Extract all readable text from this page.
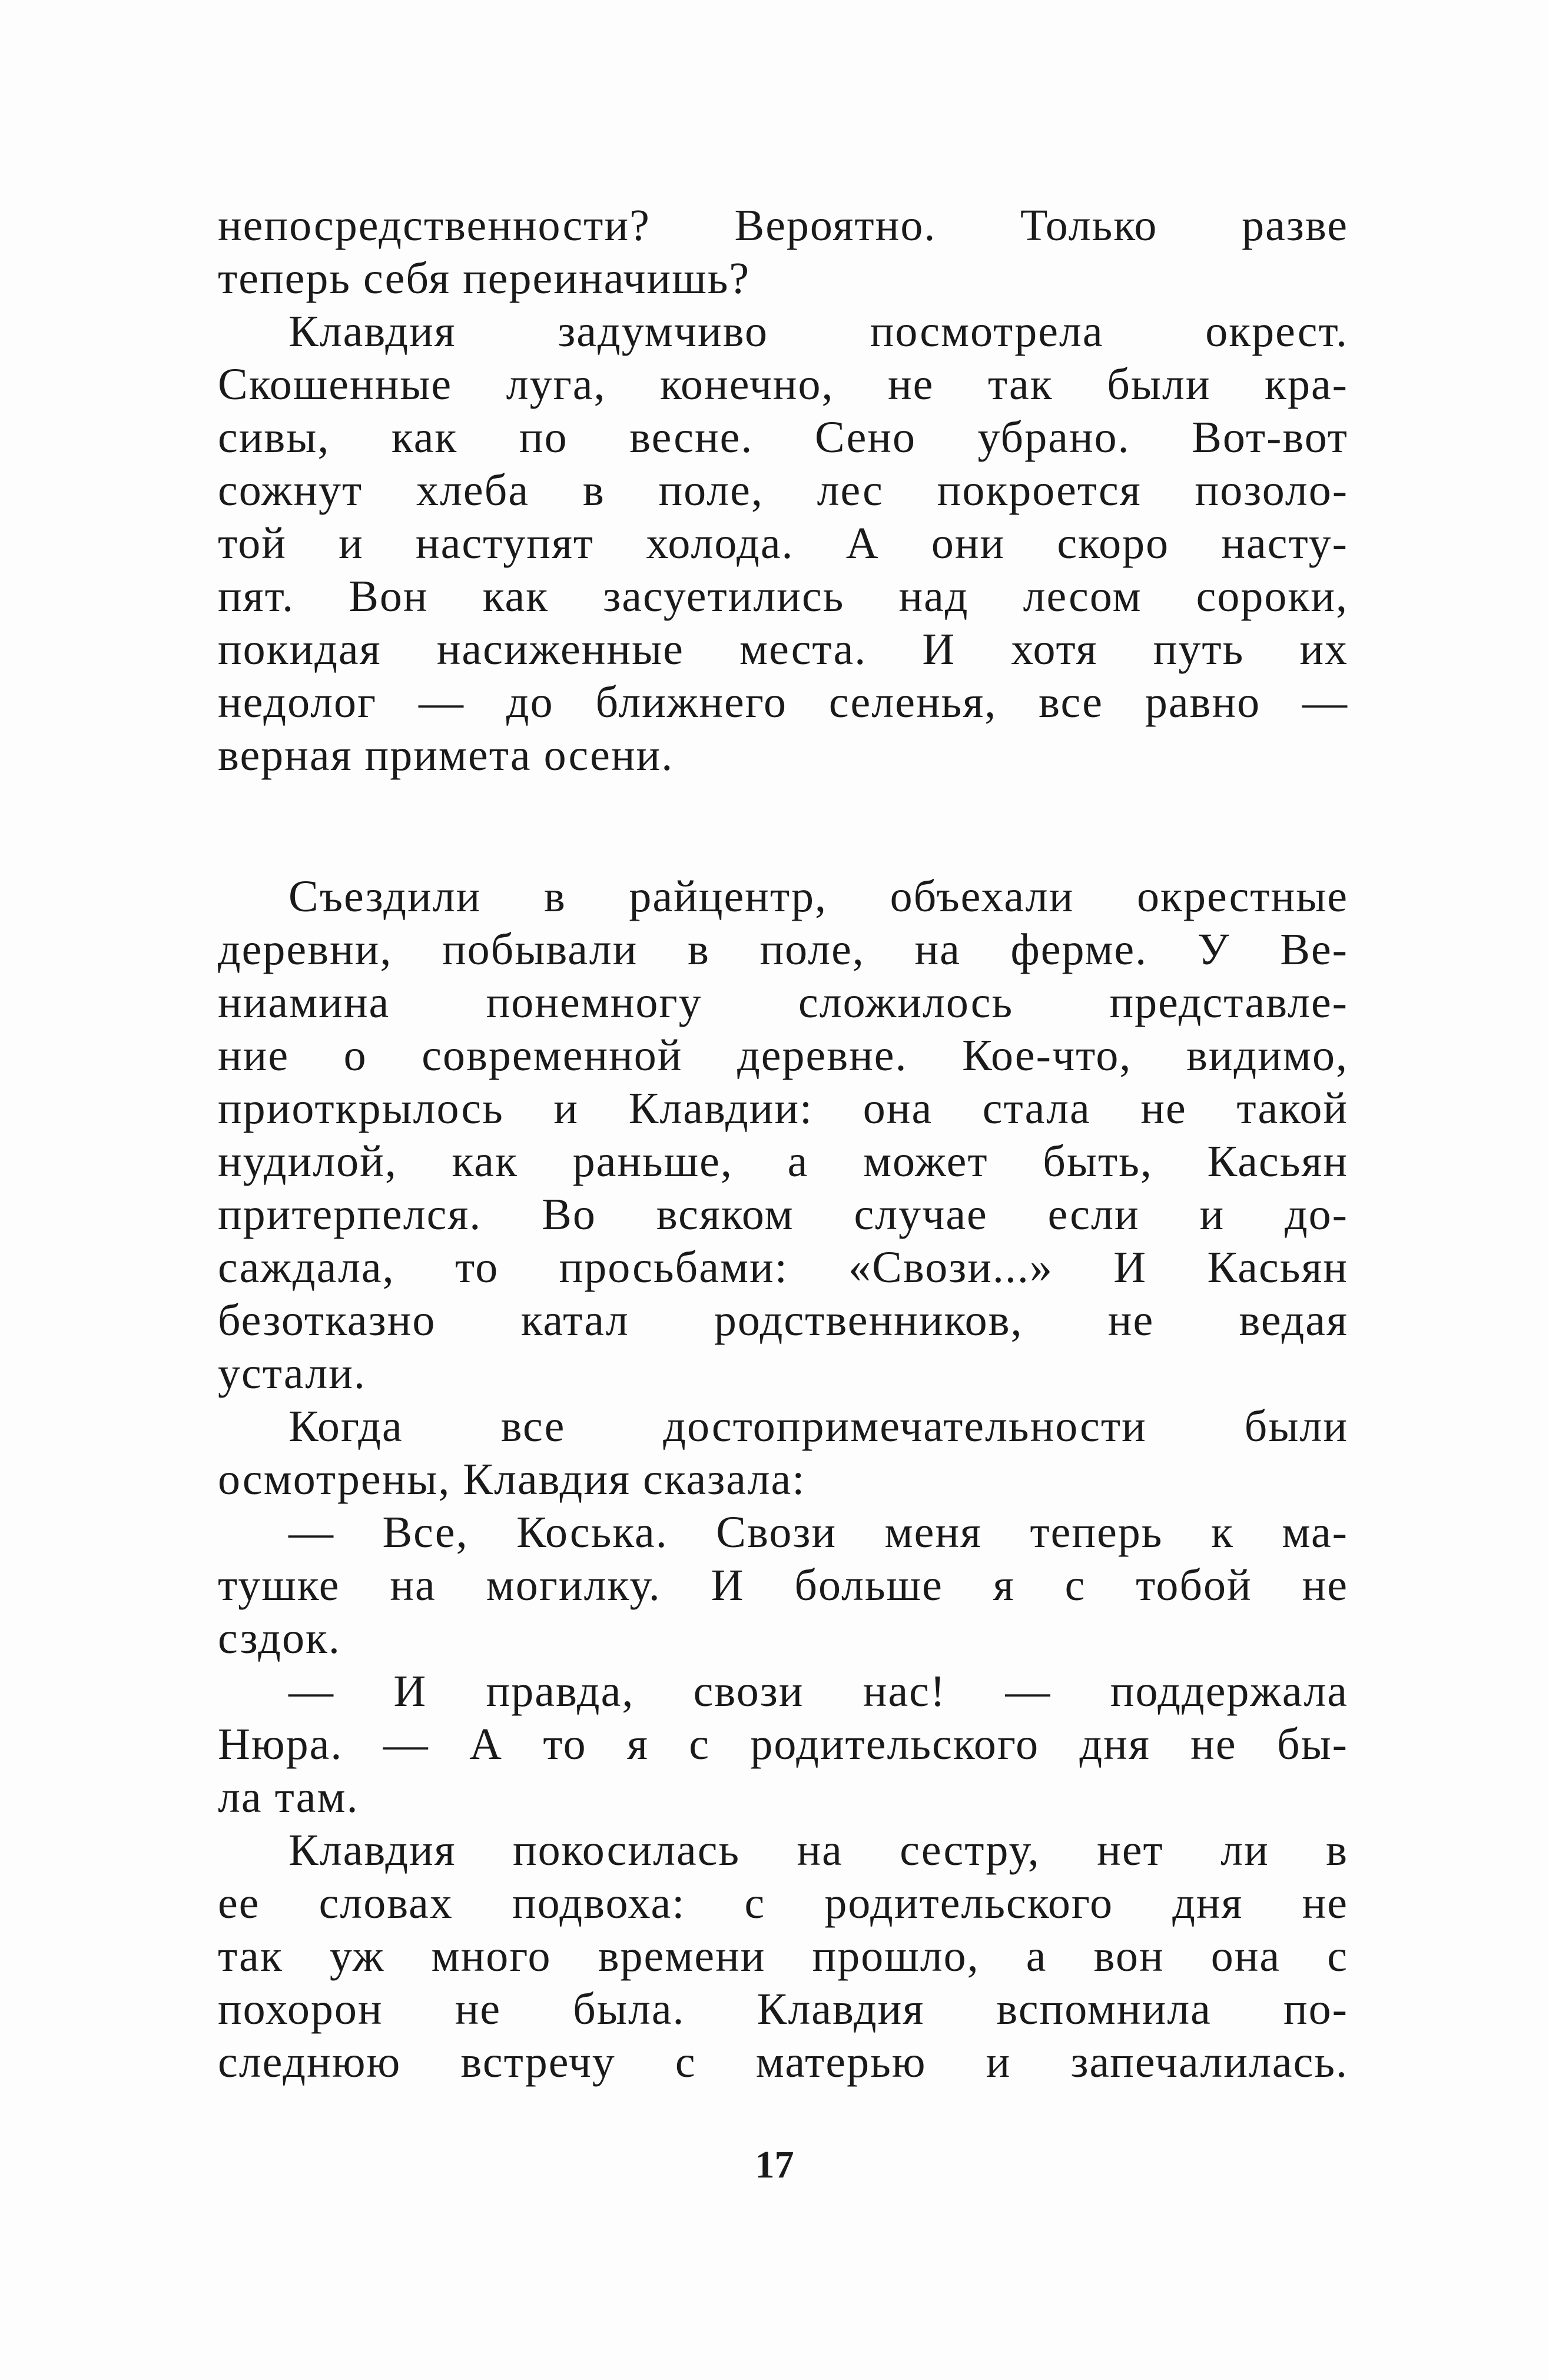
непосредственности? Вероятно. Только разве
теперь себя переиначишь?
Клавдия задумчиво посмотрела окрест.
Скошенные луга, конечно, не так были кра-
сивы, как по весне. Сено убрано. Вот-вот
сожнут хлеба в поле, лес покроется позоло-
той и наступят холода. А они скоро насту-
пят. Вон как засуетились над лесом сороки,
покидая насиженные места. И хотя путь их
недолог — до ближнего селенья, все равно —
верная примета осени.
Съездили в райцентр, объехали окрестные
деревни, побывали в поле, на ферме. У Ве-
ниамина понемногу сложилось представле-
ние о современной деревне. Кое-что, видимо,
приоткрылось и Клавдии: она стала не такой
нудилой, как раньше, а может быть, Касьян
притерпелся. Во всяком случае если и до-
саждала, то просьбами: «Свози...» И Касьян
безотказно катал родственников, не ведая
устали.
Когда все достопримечательности были
осмотрены, Клавдия сказала:
— Все, Коська. Свози меня теперь к ма-
тушке на могилку. И больше я с тобой не
сздок.
— И правда, свози нас! — поддержала
Нюра. — А то я с родительского дня не бы-
ла там.
Клавдия покосилась на сестру, нет ли в
ее словах подвоха: с родительского дня не
так уж много времени прошло, а вон она с
похорон не была. Клавдия вспомнила по-
следнюю встречу с матерью и запечалилась.
17
